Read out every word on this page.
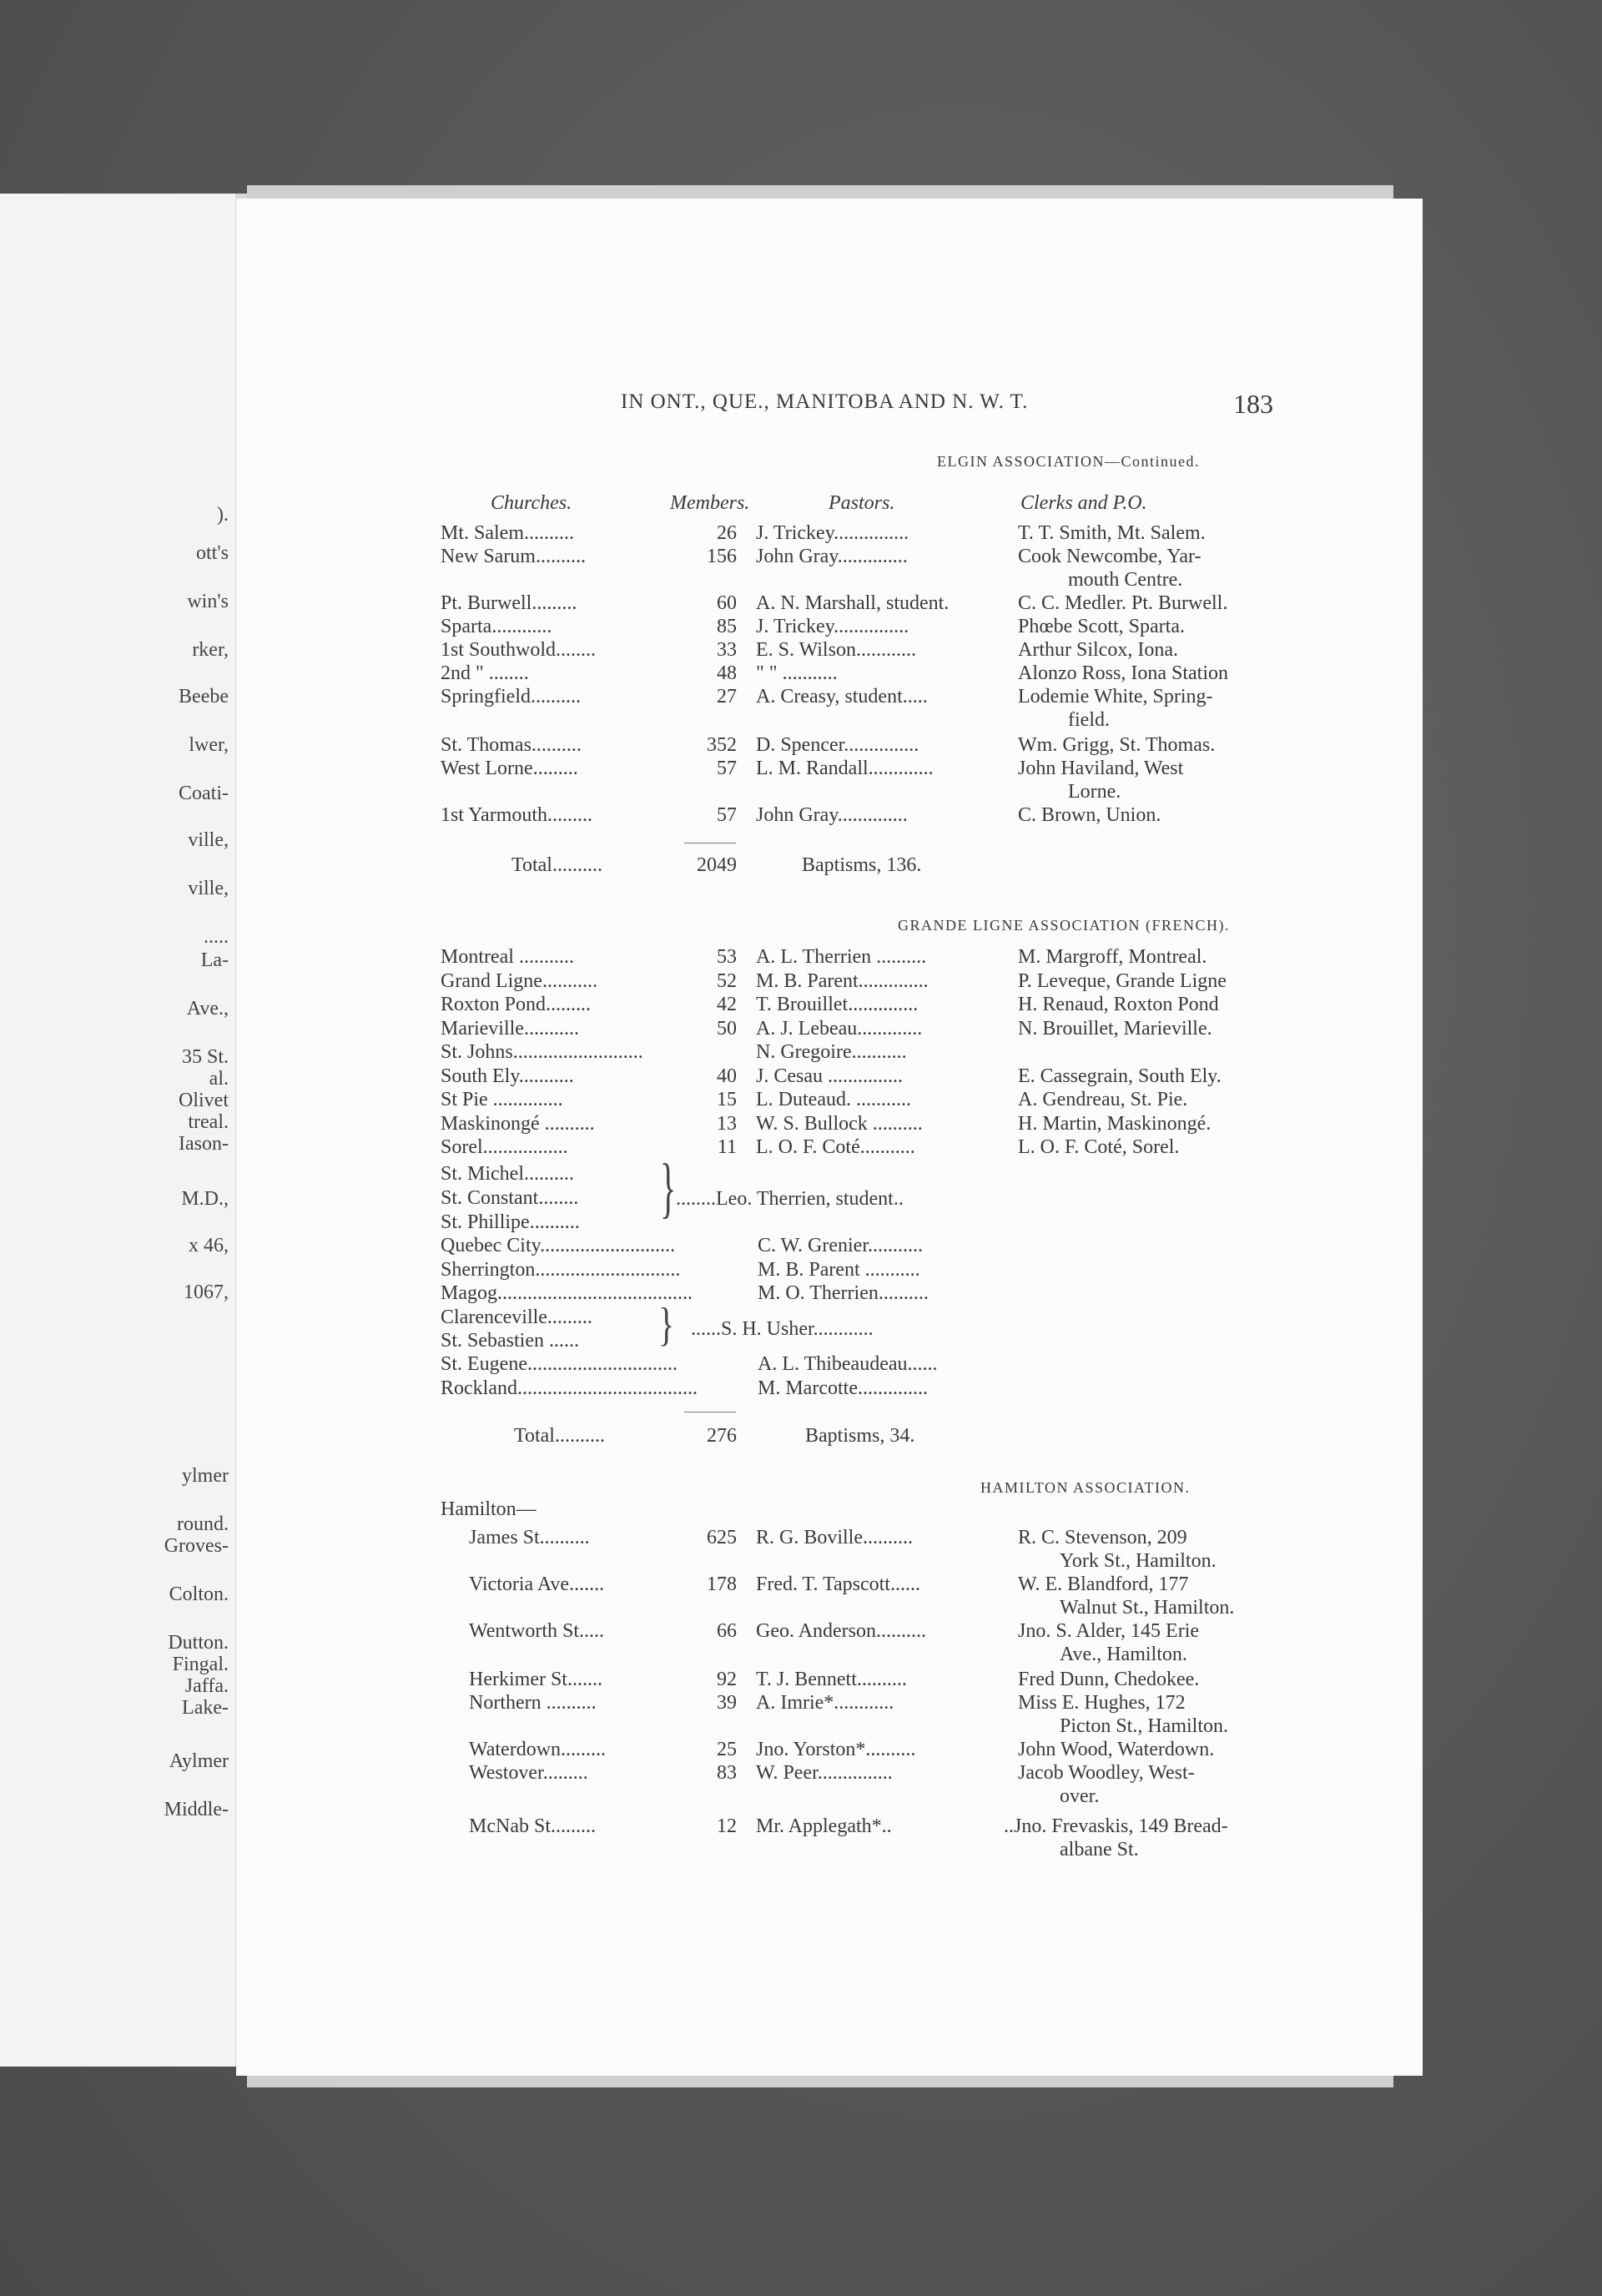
).
ott's
win's
rker,
Beebe
lwer,
Coati-
ville,
ville,
.....
La-
Ave.,
35 St.
al.
Olivet
treal.
Iason-
M.D.,
x 46,
1067,
ylmer
round.
Groves-
Colton.
Dutton.
Fingal.
Jaffa.
Lake-
Aylmer
Middle-
IN ONT., QUE., MANITOBA AND N. W. T.	183
ELGIN ASSOCIATION—Continued.
Churches.	Members.	Pastors.	Clerks and P.O.
Mt. Salem..........	26 J. Trickey...............	T. T. Smith, Mt. Salem.
New Sarum..........	156 John Gray..............	Cook Newcombe, Yar-
mouth Centre.
Pt. Burwell.........	60 A. N. Marshall, student.	C. C. Medler. Pt. Burwell.
Sparta............	85 J. Trickey...............	Phœbe Scott, Sparta.
1st Southwold........	33 E. S. Wilson............	Arthur Silcox, Iona.
2nd " ........	48 " " ...........	Alonzo Ross, Iona Station
Springfield..........	27 A. Creasy, student.....	Lodemie White, Spring-
field.
St. Thomas..........	352 D. Spencer...............	Wm. Grigg, St. Thomas.
West Lorne.........	57 L. M. Randall.............	John Haviland, West
Lorne.
1st Yarmouth.........	57 John Gray..............	C. Brown, Union.
Total..........	2049	Baptisms, 136.
GRANDE LIGNE ASSOCIATION (FRENCH).
Montreal ...........	53 A. L. Therrien ..........	M. Margroff, Montreal.
Grand Ligne...........	52 M. B. Parent..............	P. Leveque, Grande Ligne
Roxton Pond.........	42 T. Brouillet..............	H. Renaud, Roxton Pond
Marieville...........	50 A. J. Lebeau.............	N. Brouillet, Marieville.
St. Johns..........................	N. Gregoire...........
South Ely...........	40 J. Cesau ...............	E. Cassegrain, South Ely.
St Pie ..............	15 L. Duteaud. ...........	A. Gendreau, St. Pie.
Maskinongé ..........	13 W. S. Bullock ..........	H. Martin, Maskinongé.
Sorel.................	11 L. O. F. Coté...........	L. O. F. Coté, Sorel.
St. Michel..........
St. Constant........
St. Phillipe.......... } ........Leo. Therrien, student..
Quebec City...........................	C. W. Grenier...........
Sherrington.............................	M. B. Parent ...........
Magog.......................................	M. O. Therrien..........
Clarenceville.........
St. Sebastien ...... } ......S. H. Usher............
St. Eugene..............................	A. L. Thibeaudeau......
Rockland....................................	M. Marcotte..............
Total..........	276	Baptisms, 34.
HAMILTON ASSOCIATION.
Hamilton—
James St..........	625 R. G. Boville..........	R. C. Stevenson, 209
York St., Hamilton.
Victoria Ave.......	178 Fred. T. Tapscott......	W. E. Blandford, 177
Walnut St., Hamilton.
Wentworth St.....	66 Geo. Anderson..........	Jno. S. Alder, 145 Erie
Ave., Hamilton.
Herkimer St.......	92 T. J. Bennett..........	Fred Dunn, Chedokee.
Northern ..........	39 A. Imrie*............	Miss E. Hughes, 172
Picton St., Hamilton.
Waterdown.........	25 Jno. Yorston*..........	John Wood, Waterdown.
Westover.........	83 W. Peer...............	Jacob Woodley, West-
over.
McNab St.........	12 Mr. Applegath*..	..Jno. Frevaskis, 149 Bread-
albane St.
